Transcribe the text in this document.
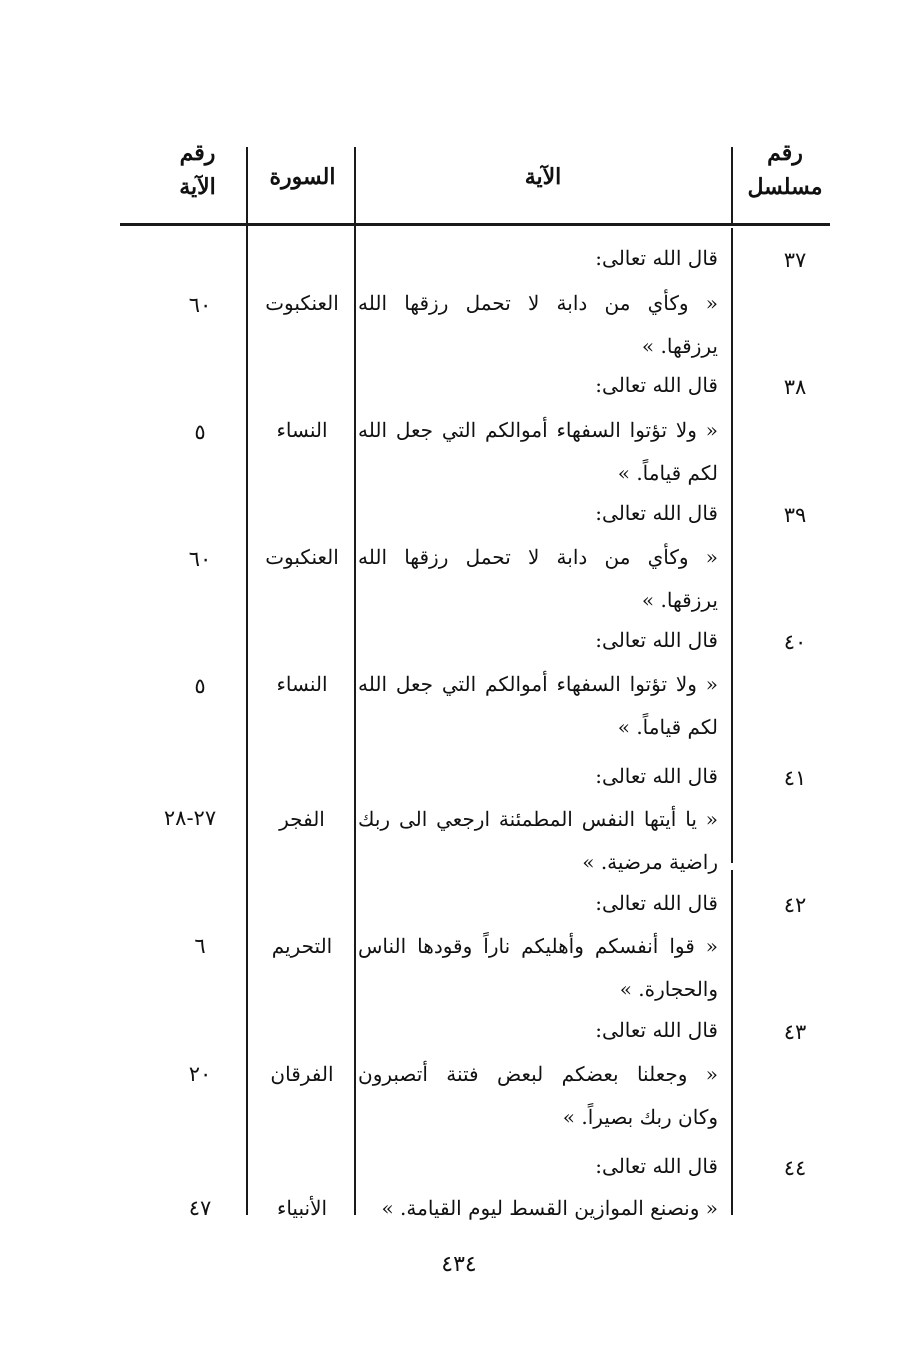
رقم
مسلسل
الآية
السورة
رقم
الآية
٣٧
قال الله تعالى:
« وكأي من دابة لا تحمل رزقها الله
يرزقها. »
العنكبوت
٦٠
٣٨
قال الله تعالى:
« ولا تؤتوا السفهاء أموالكم التي جعل الله
لكم قياماً. »
النساء
٥
٣٩
قال الله تعالى:
« وكأي من دابة لا تحمل رزقها الله
يرزقها. »
العنكبوت
٦٠
٤٠
قال الله تعالى:
« ولا تؤتوا السفهاء أموالكم التي جعل الله
لكم قياماً. »
النساء
٥
٤١
قال الله تعالى:
« يا أيتها النفس المطمئنة ارجعي الى ربك
راضية مرضية. »
الفجر
٢٧-٢٨
٤٢
قال الله تعالى:
« قوا أنفسكم وأهليكم ناراً وقودها الناس
والحجارة. »
التحريم
٦
٤٣
قال الله تعالى:
« وجعلنا بعضكم لبعض فتنة أتصبرون
وكان ربك بصيراً. »
الفرقان
٢٠
٤٤
قال الله تعالى:
« ونصنع الموازين القسط ليوم القيامة. »
الأنبياء
٤٧
٤٣٤
